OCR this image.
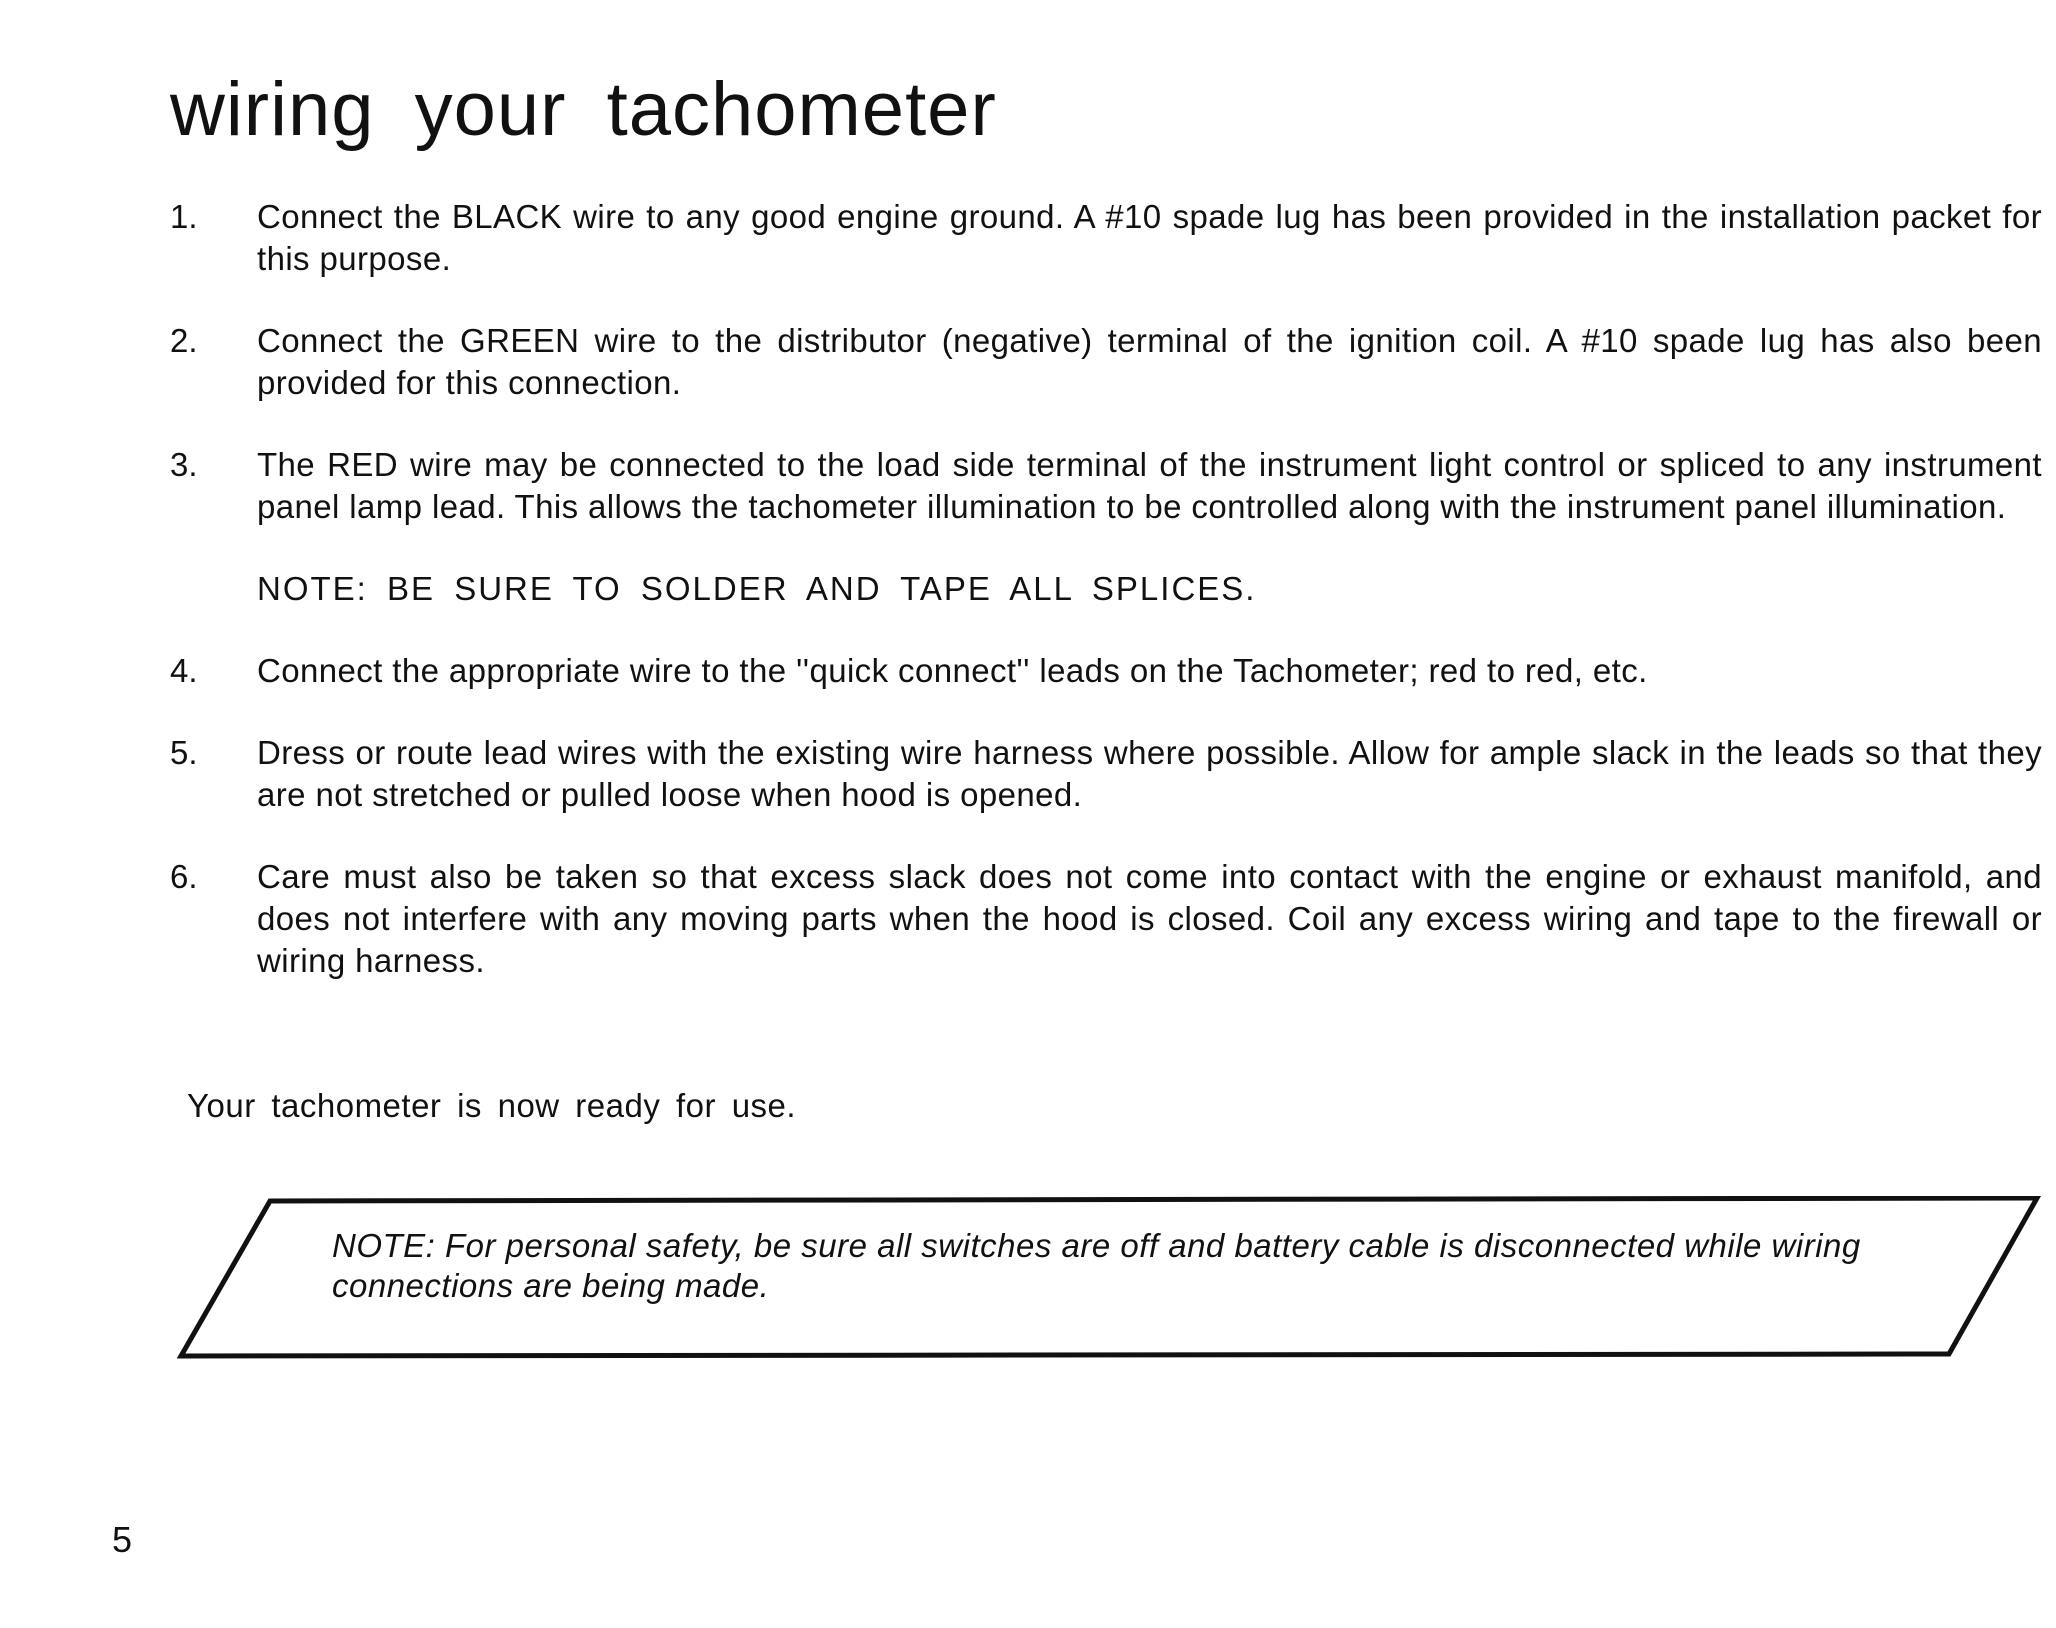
wiring your tachometer
1. Connect the BLACK wire to any good engine ground. A #10 spade lug has been provided in the installation packet for this purpose.
2. Connect the GREEN wire to the distributor (negative) terminal of the ignition coil. A #10 spade lug has also been provided for this connection.
3. The RED wire may be connected to the load side terminal of the instrument light control or spliced to any instrument panel lamp lead. This allows the tachometer illumination to be controlled along with the instrument panel illumination.
NOTE: BE SURE TO SOLDER AND TAPE ALL SPLICES.
4. Connect the appropriate wire to the ''quick connect'' leads on the Tachometer; red to red, etc.
5. Dress or route lead wires with the existing wire harness where possible. Allow for ample slack in the leads so that they are not stretched or pulled loose when hood is opened.
6. Care must also be taken so that excess slack does not come into contact with the engine or exhaust manifold, and does not interfere with any moving parts when the hood is closed. Coil any excess wiring and tape to the firewall or wiring harness.

Your tachometer is now ready for use.

NOTE: For personal safety, be sure all switches are off and battery cable is disconnected while wiring connections are being made.

5
